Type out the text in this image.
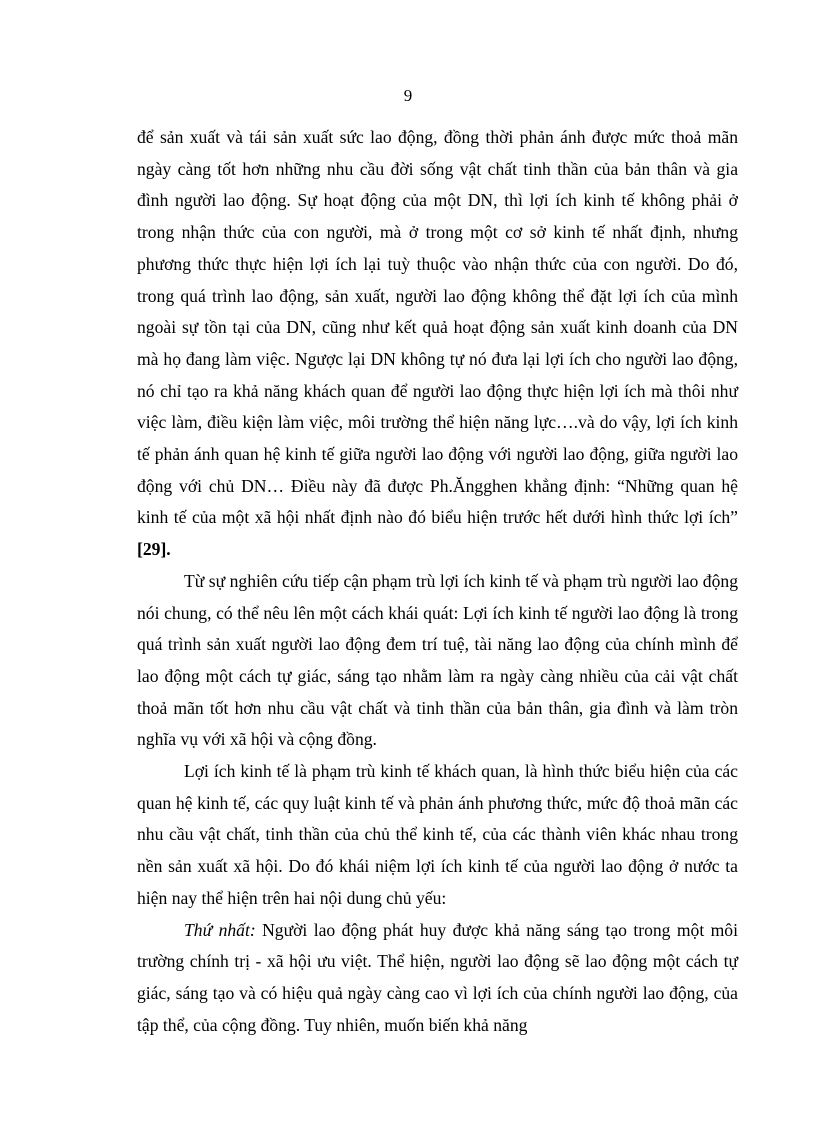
9

để sản xuất và tái sản xuất sức lao động, đồng thời phản ánh được mức thoả mãn ngày càng tốt hơn những nhu cầu đời sống vật chất tinh thần của bản thân và gia đình người lao động. Sự hoạt động của một DN, thì lợi ích kinh tế không phải ở trong nhận thức của con người, mà ở trong một cơ sở kinh tế nhất định, nhưng phương thức thực hiện lợi ích lại tuỳ thuộc vào nhận thức của con người. Do đó, trong quá trình lao động, sản xuất, người lao động không thể đặt lợi ích của mình ngoài sự tồn tại của DN, cũng như kết quả hoạt động sản xuất kinh doanh của DN mà họ đang làm việc. Ngược lại DN không tự nó đưa lại lợi ích cho người lao động, nó chỉ tạo ra khả năng khách quan để người lao động thực hiện lợi ích mà thôi như việc làm, điều kiện làm việc, môi trường thể hiện năng lực….và do vậy, lợi ích kinh tế phản ánh quan hệ kinh tế giữa người lao động với người lao động, giữa người lao động với chủ DN… Điều này đã được Ph.Ăngghen khẳng định: “Những quan hệ kinh tế của một xã hội nhất định nào đó biểu hiện trước hết dưới hình thức lợi ích” [29].

Từ sự nghiên cứu tiếp cận phạm trù lợi ích kinh tế và phạm trù người lao động nói chung, có thể nêu lên một cách khái quát: Lợi ích kinh tế người lao động là trong quá trình sản xuất người lao động đem trí tuệ, tài năng lao động của chính mình để lao động một cách tự giác, sáng tạo nhằm làm ra ngày càng nhiều của cải vật chất thoả mãn tốt hơn nhu cầu vật chất và tinh thần của bản thân, gia đình và làm tròn nghĩa vụ với xã hội và cộng đồng.

Lợi ích kinh tế là phạm trù kinh tế khách quan, là hình thức biểu hiện của các quan hệ kinh tế, các quy luật kinh tế và phản ánh phương thức, mức độ thoả mãn các nhu cầu vật chất, tinh thần của chủ thể kinh tế, của các thành viên khác nhau trong nền sản xuất xã hội. Do đó khái niệm lợi ích kinh tế của người lao động ở nước ta hiện nay thể hiện trên hai nội dung chủ yếu:

Thứ nhất: Người lao động phát huy được khả năng sáng tạo trong một môi trường chính trị - xã hội ưu việt. Thể hiện, người lao động sẽ lao động một cách tự giác, sáng tạo và có hiệu quả ngày càng cao vì lợi ích của chính người lao động, của tập thể, của cộng đồng. Tuy nhiên, muốn biến khả năng
